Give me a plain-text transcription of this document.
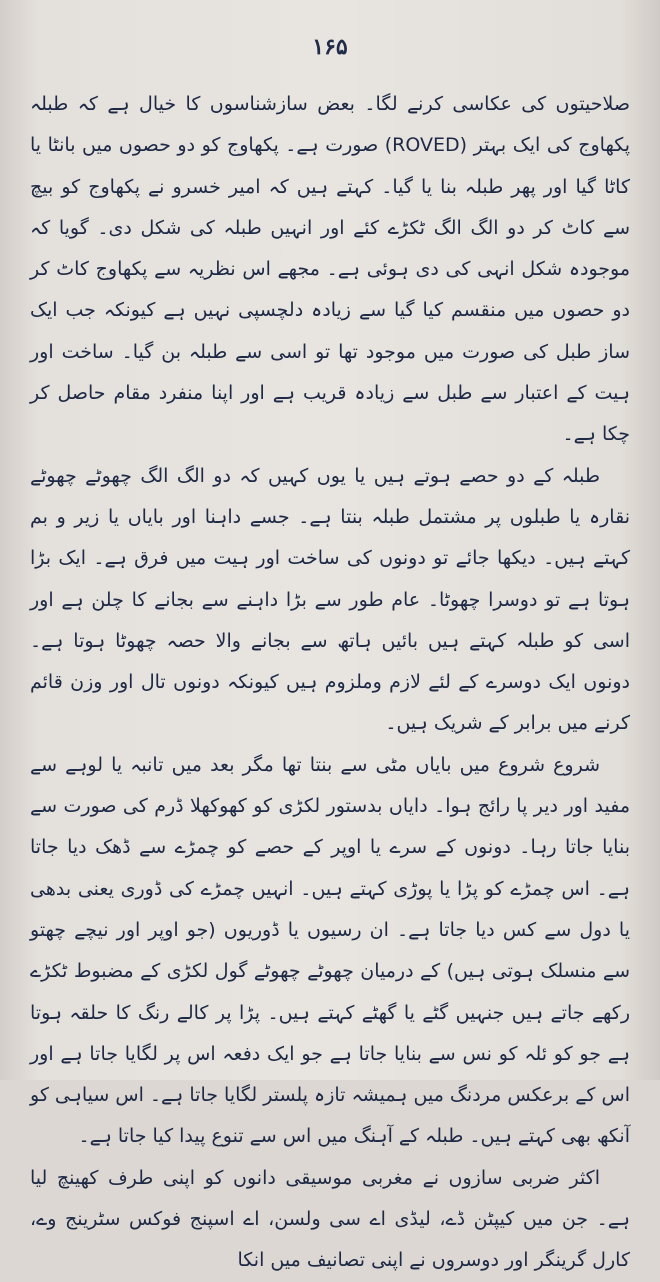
۱۶۵

صلاحیتوں کی عکاسی کرنے لگا۔ بعض سازشناسوں کا خیال ہے کہ طبلہ پکھاوج کی ایک بہتر (ROVED) صورت ہے۔ پکھاوج کو دو حصوں میں بانٹا یا کاٹا گیا اور پھر طبلہ بنا یا گیا۔ کہتے ہیں کہ امیر خسرو نے پکھاوج کو بیچ سے کاٹ کر دو الگ الگ ٹکڑے کئے اور انہیں طبلہ کی شکل دی۔ گویا کہ موجودہ شکل انہی کی دی ہوئی ہے۔ مجھے اس نظریہ سے پکھاوج کاٹ کر دو حصوں میں منقسم کیا گیا سے زیادہ دلچسپی نہیں ہے کیونکہ جب ایک ساز طبل کی صورت میں موجود تھا تو اسی سے طبلہ بن گیا۔ ساخت اور ہیت کے اعتبار سے طبل سے زیادہ قریب ہے اور اپنا منفرد مقام حاصل کر چکا ہے۔

طبلہ کے دو حصے ہوتے ہیں یا یوں کہیں کہ دو الگ الگ چھوٹے چھوٹے نقارہ یا طبلوں پر مشتمل طبلہ بنتا ہے۔ جسے داہنا اور بایاں یا زیر و بم کہتے ہیں۔ دیکھا جائے تو دونوں کی ساخت اور ہیت میں فرق ہے۔ ایک بڑا ہوتا ہے تو دوسرا چھوٹا۔ عام طور سے بڑا داہنے سے بجانے کا چلن ہے اور اسی کو طبلہ کہتے ہیں بائیں ہاتھ سے بجانے والا حصہ چھوٹا ہوتا ہے۔ دونوں ایک دوسرے کے لئے لازم وملزوم ہیں کیونکہ دونوں تال اور وزن قائم کرنے میں برابر کے شریک ہیں۔

شروع شروع میں بایاں مٹی سے بنتا تھا مگر بعد میں تانبہ یا لوہے سے مفید اور دیر پا رائج ہوا۔ دایاں بدستور لکڑی کو کھوکھلا ڈرم کی صورت سے بنایا جاتا رہا۔ دونوں کے سرے یا اوپر کے حصے کو چمڑے سے ڈھک دیا جاتا ہے۔ اس چمڑے کو پڑا یا پوڑی کہتے ہیں۔ انہیں چمڑے کی ڈوری یعنی بدھی یا دول سے کس دیا جاتا ہے۔ ان رسیوں یا ڈوریوں (جو اوپر اور نیچے چھتو سے منسلک ہوتی ہیں) کے درمیان چھوٹے چھوٹے گول لکڑی کے مضبوط ٹکڑے رکھے جاتے ہیں جنہیں گٹے یا گھٹے کہتے ہیں۔ پڑا پر کالے رنگ کا حلقہ ہوتا ہے جو کو ئلہ کو نس سے بنایا جاتا ہے جو ایک دفعہ اس پر لگایا جاتا ہے اور اس کے برعکس مردنگ میں ہمیشہ تازہ پلستر لگایا جاتا ہے۔ اس سیاہی کو آنکھ بھی کہتے ہیں۔ طبلہ کے آہنگ میں اس سے تنوع پیدا کیا جاتا ہے۔

اکثر ضربی سازوں نے مغربی موسیقی دانوں کو اپنی طرف کھینچ لیا ہے۔ جن میں کیپٹن ڈے، لیڈی اے سی ولسن، اے اسپنج فوکس سٹرینج وے، کارل گرینگر اور دوسروں نے اپنی تصانیف میں انکا
